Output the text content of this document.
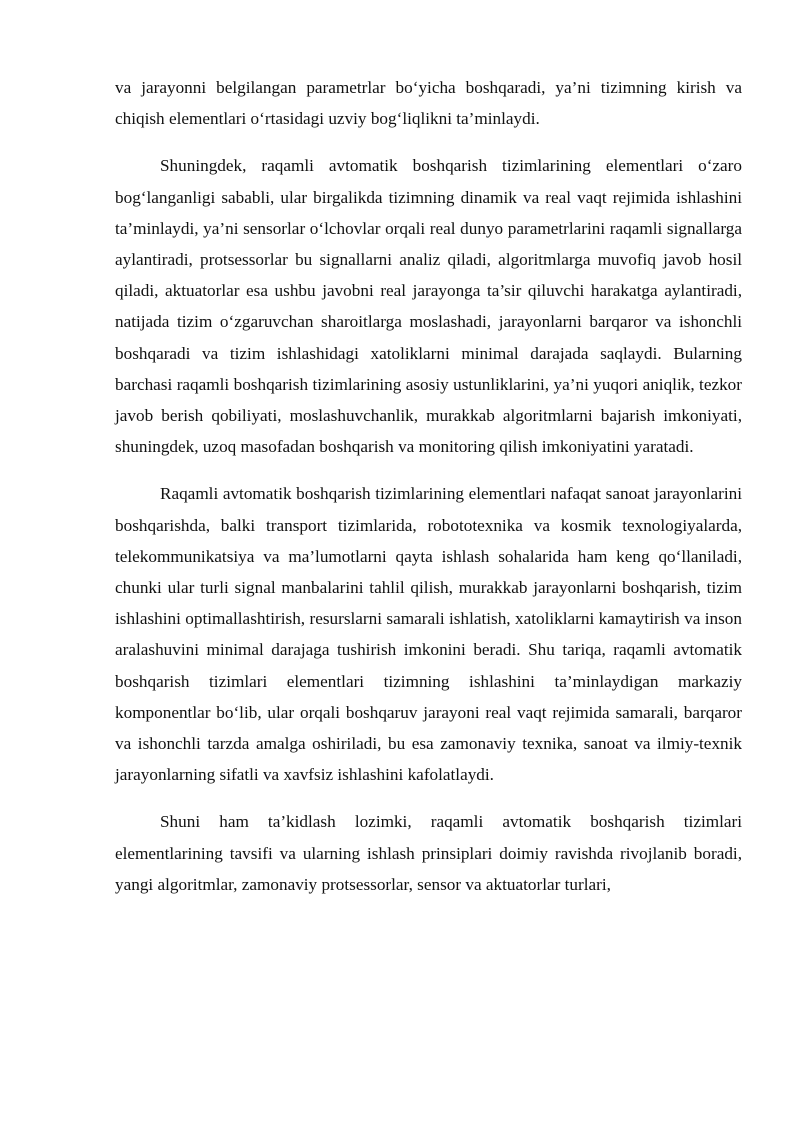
va jarayonni belgilangan parametrlar bo‘yicha boshqaradi, ya’ni tizimning kirish va chiqish elementlari o‘rtasidagi uzviy bog‘liqlikni ta’minlaydi.

Shuningdek, raqamli avtomatik boshqarish tizimlarining elementlari o‘zaro bog‘langanligi sababli, ular birgalikda tizimning dinamik va real vaqt rejimida ishlashini ta’minlaydi, ya’ni sensorlar o‘lchovlar orqali real dunyo parametrlarini raqamli signallarga aylantiradi, protsessorlar bu signallarni analiz qiladi, algoritmlarga muvofiq javob hosil qiladi, aktuatorlar esa ushbu javobni real jarayonga ta’sir qiluvchi harakatga aylantiradi, natijada tizim o‘zgaruvchan sharoitlarga moslashadi, jarayonlarni barqaror va ishonchli boshqaradi va tizim ishlashidagi xatoliklarni minimal darajada saqlaydi. Bularning barchasi raqamli boshqarish tizimlarining asosiy ustunliklarini, ya’ni yuqori aniqlik, tezkor javob berish qobiliyati, moslashuvchanlik, murakkab algoritmlarni bajarish imkoniyati, shuningdek, uzoq masofadan boshqarish va monitoring qilish imkoniyatini yaratadi.

Raqamli avtomatik boshqarish tizimlarining elementlari nafaqat sanoat jarayonlarini boshqarishda, balki transport tizimlarida, robototexnika va kosmik texnologiyalarda, telekommunikatsiya va ma’lumotlarni qayta ishlash sohalarida ham keng qo‘llaniladi, chunki ular turli signal manbalarini tahlil qilish, murakkab jarayonlarni boshqarish, tizim ishlashini optimallashtirish, resurslarni samarali ishlatish, xatoliklarni kamaytirish va inson aralashuvini minimal darajaga tushirish imkonini beradi. Shu tariqa, raqamli avtomatik boshqarish tizimlari elementlari tizimning ishlashini ta’minlaydigan markaziy komponentlar bo‘lib, ular orqali boshqaruv jarayoni real vaqt rejimida samarali, barqaror va ishonchli tarzda amalga oshiriladi, bu esa zamonaviy texnika, sanoat va ilmiy-texnik jarayonlarning sifatli va xavfsiz ishlashini kafolatlaydi.

Shuni ham ta’kidlash lozimki, raqamli avtomatik boshqarish tizimlari elementlarining tavsifi va ularning ishlash prinsiplari doimiy ravishda rivojlanib boradi, yangi algoritmlar, zamonaviy protsessorlar, sensor va aktuatorlar turlari,
